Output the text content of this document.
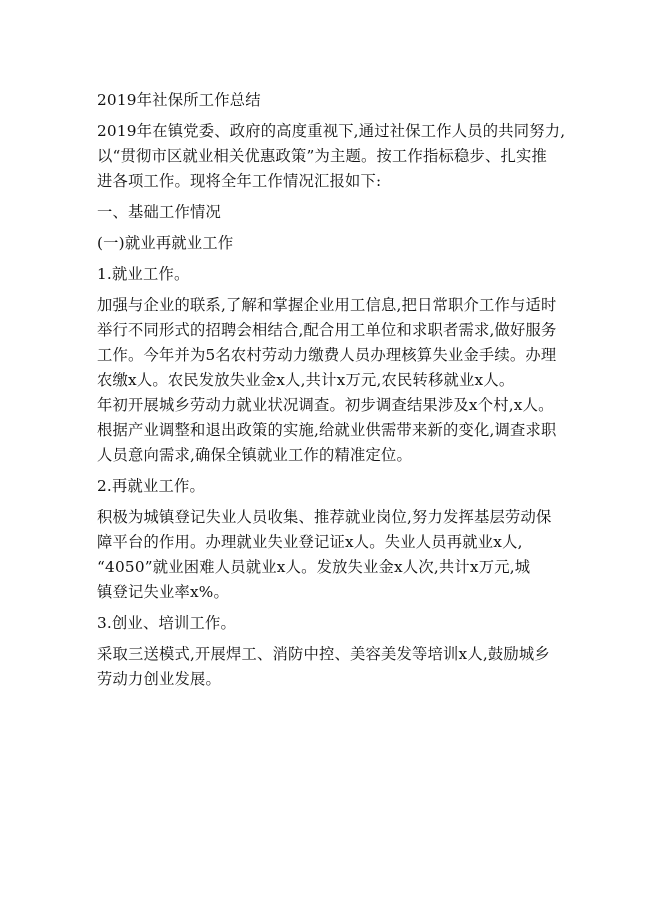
2019年社保所工作总结
2019年在镇党委、政府的高度重视下,通过社保工作人员的共同努力,
以“贯彻市区就业相关优惠政策”为主题。按工作指标稳步、扎实推
进各项工作。现将全年工作情况汇报如下:
一、基础工作情况
(一)就业再就业工作
1.就业工作。
加强与企业的联系,了解和掌握企业用工信息,把日常职介工作与适时
举行不同形式的招聘会相结合,配合用工单位和求职者需求,做好服务
工作。今年并为5名农村劳动力缴费人员办理核算失业金手续。办理
农缴x人。农民发放失业金x人,共计x万元,农民转移就业x人。
年初开展城乡劳动力就业状况调查。初步调查结果涉及x个村,x人。
根据产业调整和退出政策的实施,给就业供需带来新的变化,调查求职
人员意向需求,确保全镇就业工作的精准定位。
2.再就业工作。
积极为城镇登记失业人员收集、推荐就业岗位,努力发挥基层劳动保
障平台的作用。办理就业失业登记证x人。失业人员再就业x人,
“4050”就业困难人员就业x人。发放失业金x人次,共计x万元,城
镇登记失业率x%。
3.创业、培训工作。
采取三送模式,开展焊工、消防中控、美容美发等培训x人,鼓励城乡
劳动力创业发展。
